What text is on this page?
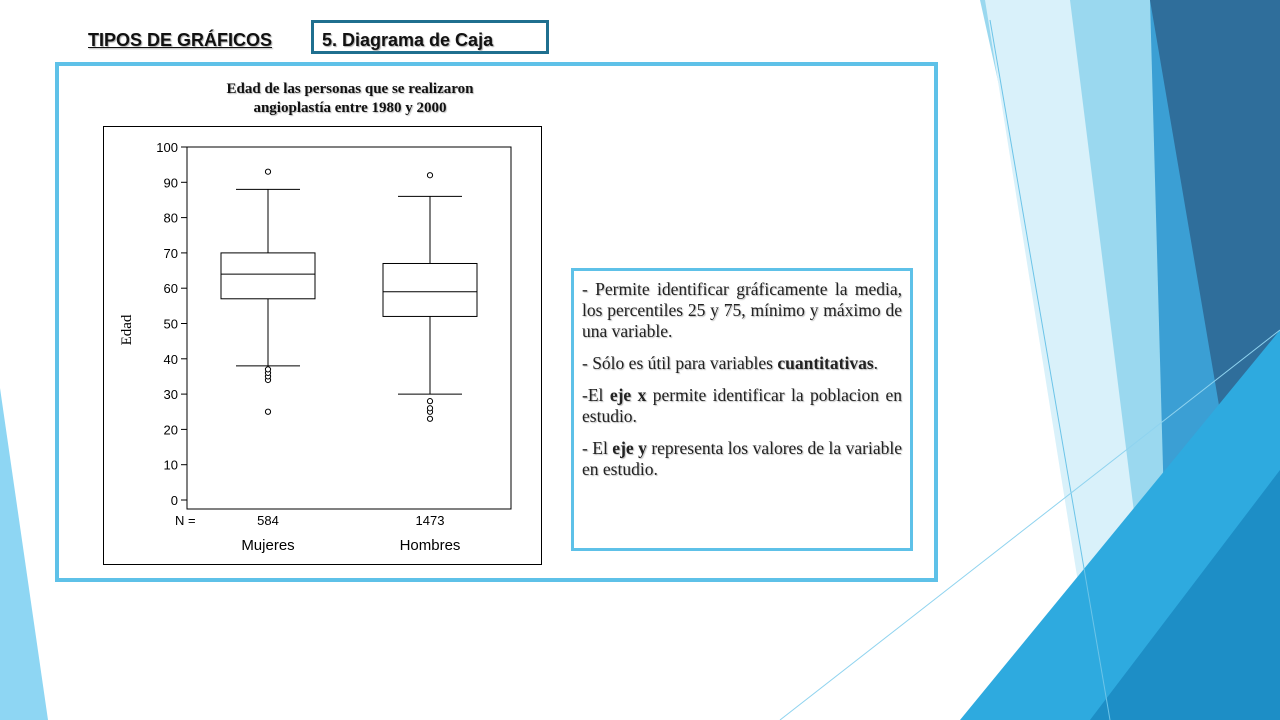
TIPOS DE GRÁFICOS	5. Diagrama de Caja
Edad de las personas que se realizaron
angioplastía entre 1980 y 2000
0
10
20
30
40
50
60
70
80
90
100
Edad
584
Mujeres
1473
Hombres
N =

- Permite identificar gráficamente la media, los percentiles 25 y 75, mínimo y máximo de una variable.

- Sólo es útil para variables cuantitativas.

-El eje x permite identificar la poblacion en estudio.

- El eje y representa los valores de la variable en estudio.
